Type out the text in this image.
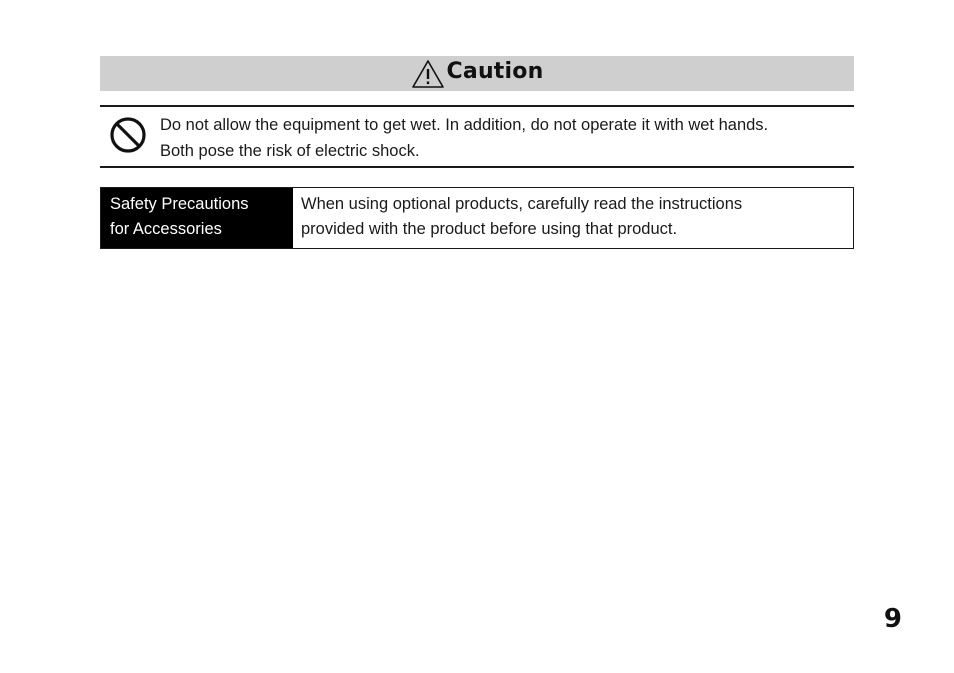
Caution
Do not allow the equipment to get wet. In addition, do not operate it with wet hands.
Both pose the risk of electric shock.
Safety Precautions
for Accessories
When using optional products, carefully read the instructions
provided with the product before using that product.
9
